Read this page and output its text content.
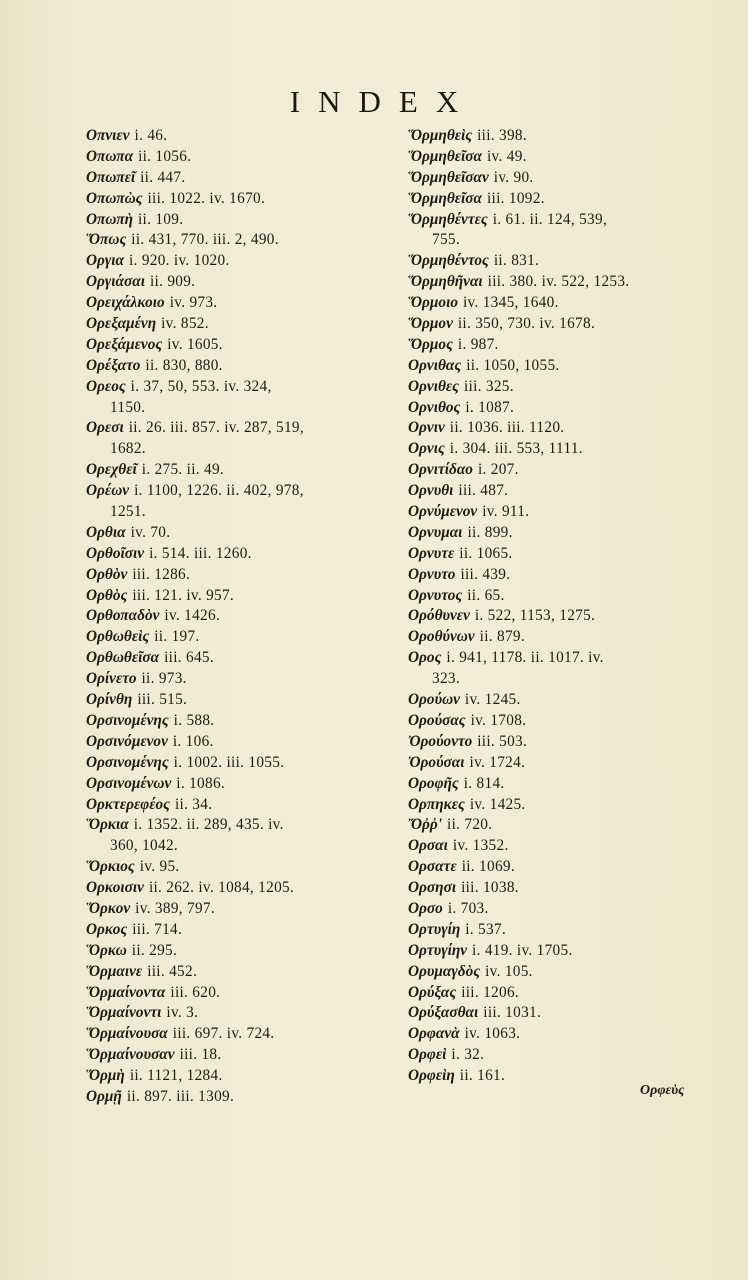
INDEX
Οπνιεν i. 46.
Οπωπα ii. 1056.
Οπωπεῖ ii. 447.
Οπωπὼς iii. 1022. iv. 1670.
Οπωπὴ ii. 109.
Ὅπως ii. 431, 770. iii. 2, 490.
Οργια i. 920. iv. 1020.
Οργιάσαι ii. 909.
Ορειχάλκοιο iv. 973.
Ορεξαμένη iv. 852.
Ορεξάμενος iv. 1605.
Ορέξατο ii. 830, 880.
Ορεος i. 37, 50, 553. iv. 324,
1150.
Ορεσι ii. 26. iii. 857. iv. 287, 519,
1682.
Ορεχθεῖ i. 275. ii. 49.
Ορέων i. 1100, 1226. ii. 402, 978,
1251.
Ορθια iv. 70.
Ορθοῖσιν i. 514. iii. 1260.
Ορθὸν iii. 1286.
Ορθὸς iii. 121. iv. 957.
Ορθοπαδὸν iv. 1426.
Ορθωθεὶς ii. 197.
Ορθωθεῖσα iii. 645.
Ορίνετο ii. 973.
Ορίνθη iii. 515.
Ορσινομένης i. 588.
Ορσινόμενον i. 106.
Ορσινομένης i. 1002. iii. 1055.
Ορσινομένων i. 1086.
Ορκτερεφέος ii. 34.
Ὅρκια i. 1352. ii. 289, 435. iv.
360, 1042.
Ὅρκιος iv. 95.
Ορκοισιν ii. 262. iv. 1084, 1205.
Ὅρκον iv. 389, 797.
Ορκος iii. 714.
Ὅρκω ii. 295.
Ὅρμαινε iii. 452.
Ὅρμαίνοντα iii. 620.
Ὅρμαίνοντι iv. 3.
Ὅρμαίνουσα iii. 697. iv. 724.
Ὅρμαίνουσαν iii. 18.
Ὅρμὴ ii. 1121, 1284.
Ορμῇ ii. 897. iii. 1309.
Ὅρμηθεὶς iii. 398.
Ὅρμηθεῖσα iv. 49.
Ὅρμηθεῖσαν iv. 90.
Ὅρμηθεῖσα iii. 1092.
Ὅρμηθέντες i. 61. ii. 124, 539,
755.
Ὅρμηθέντος ii. 831.
Ὅρμηθῆναι iii. 380. iv. 522, 1253.
Ὅρμοιο iv. 1345, 1640.
Ὅρμον ii. 350, 730. iv. 1678.
Ὅρμος i. 987.
Ορνιθας ii. 1050, 1055.
Ορνιθες iii. 325.
Ορνιθος i. 1087.
Ορνιν ii. 1036. iii. 1120.
Ορνις i. 304. iii. 553, 1111.
Ορνιτίδαο i. 207.
Ορνυθι iii. 487.
Ορνύμενον iv. 911.
Ορνυμαι ii. 899.
Ορνυτε ii. 1065.
Ορνυτο iii. 439.
Ορνυτος ii. 65.
Ορόθυνεν i. 522, 1153, 1275.
Οροθύνων ii. 879.
Ορος i. 941, 1178. ii. 1017. iv.
323.
Ορούων iv. 1245.
Ορούσας iv. 1708.
Ὀρούοντο iii. 503.
Ὀρούσαι iv. 1724.
Οροφῆς i. 814.
Ορπηκες iv. 1425.
Ὄῤῥ' ii. 720.
Ορσαι iv. 1352.
Ορσατε ii. 1069.
Ορσησι iii. 1038.
Ορσο i. 703.
Ορτυγίη i. 537.
Ορτυγίην i. 419. iv. 1705.
Ορυμαγδὸς iv. 105.
Ορύξας iii. 1206.
Ορύξασθαι iii. 1031.
Ορφανὰ iv. 1063.
Ορφεὶ i. 32.
Ορφεὶη ii. 161.
Ορφεὺς
